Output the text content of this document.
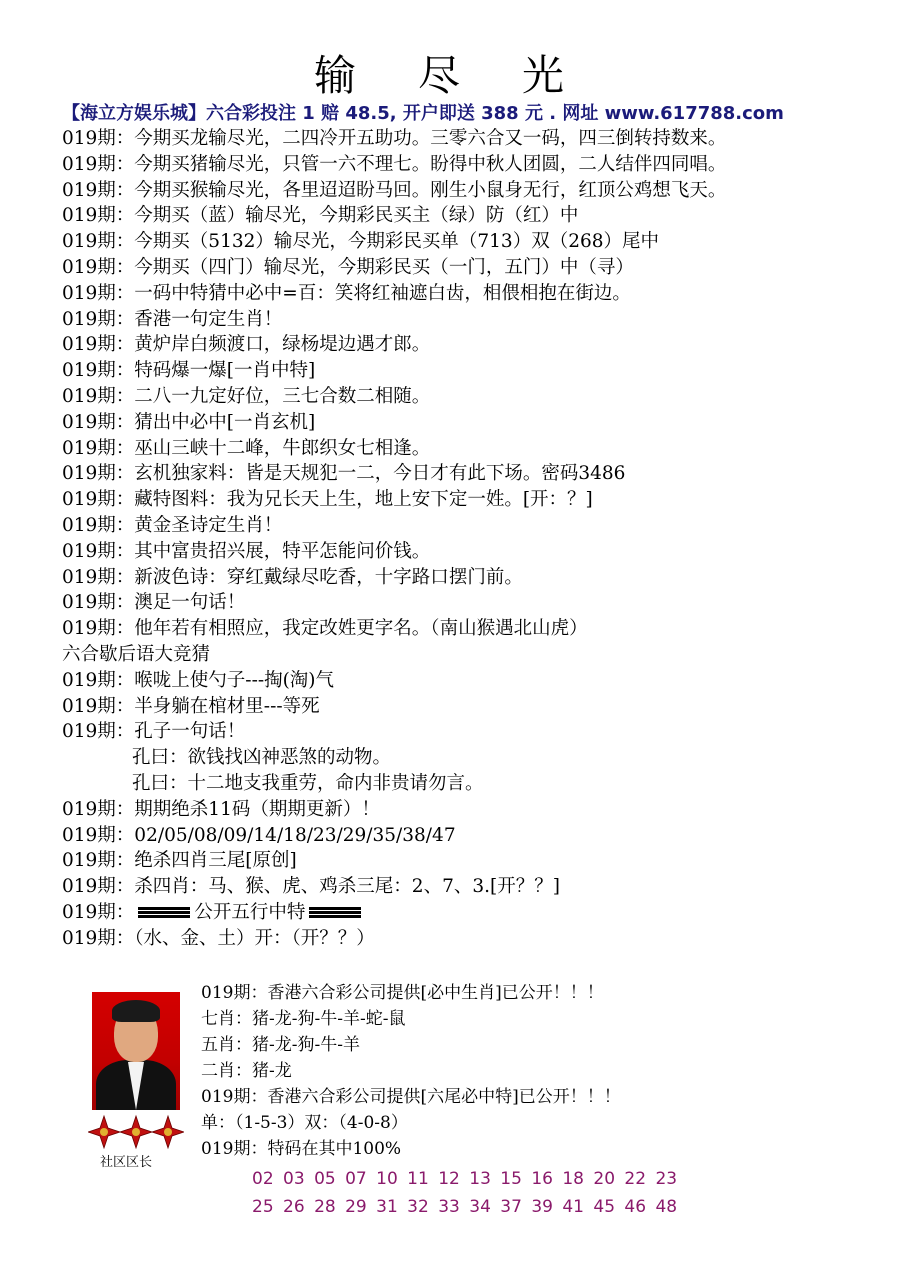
输尽光
【海立方娱乐城】六合彩投注 1 赔 48.5, 开户即送 388 元 . 网址 www.617788.com
019期：今期买龙输尽光，二四冷开五助功。三零六合又一码，四三倒转持数来。
019期：今期买猪输尽光，只管一六不理七。盼得中秋人团圆，二人结伴四同唱。
019期：今期买猴输尽光，各里迢迢盼马回。刚生小鼠身无行，红顶公鸡想飞天。
019期：今期买（蓝）输尽光，今期彩民买主（绿）防（红）中
019期：今期买（5132）输尽光，今期彩民买单（713）双（268）尾中
019期：今期买（四门）输尽光，今期彩民买（一门，五门）中（寻）
019期：一码中特猜中必中=百：笑将红袖遮白齿，相偎相抱在街边。
019期：香港一句定生肖！
019期：黄炉岸白频渡口，绿杨堤边遇才郎。
019期：特码爆一爆[一肖中特]
019期：二八一九定好位，三七合数二相随。
019期：猜出中必中[一肖玄机]
019期：巫山三峡十二峰，牛郎织女七相逢。
019期：玄机独家料：皆是天规犯一二，今日才有此下场。密码3486
019期：藏特图料：我为兄长天上生，地上安下定一姓。[开：？]
019期：黄金圣诗定生肖！
019期：其中富贵招兴展，特平怎能问价钱。
019期：新波色诗：穿红戴绿尽吃香，十字路口摆门前。
019期：澳足一句话！
019期：他年若有相照应，我定改姓更字名。（南山猴遇北山虎）
六合歇后语大竞猜
019期：喉咙上使勺子---掏(淘)气
019期：半身躺在棺材里---等死
019期：孔子一句话！
孔曰：欲钱找凶神恶煞的动物。
孔曰：十二地支我重劳，命内非贵请勿言。
019期：期期绝杀11码（期期更新）！
019期：02/05/08/09/14/18/23/29/35/38/47
019期：绝杀四肖三尾[原创]
019期：杀四肖：马、猴、虎、鸡杀三尾：2、7、3.[开？？]
019期：	公开五行中特
019期：（水、金、土）开：（开？？）
社区区长
019期：香港六合彩公司提供[必中生肖]已公开！！！
七肖：猪-龙-狗-牛-羊-蛇-鼠
五肖：猪-龙-狗-牛-羊
二肖：猪-龙
019期：香港六合彩公司提供[六尾必中特]已公开！！！
单：（1-5-3）双：（4-0-8）
019期：特码在其中100%
02 03 05 07 10 11 12 13 15 16 18 20 22 23
25 26 28 29 31 32 33 34 37 39 41 45 46 48
